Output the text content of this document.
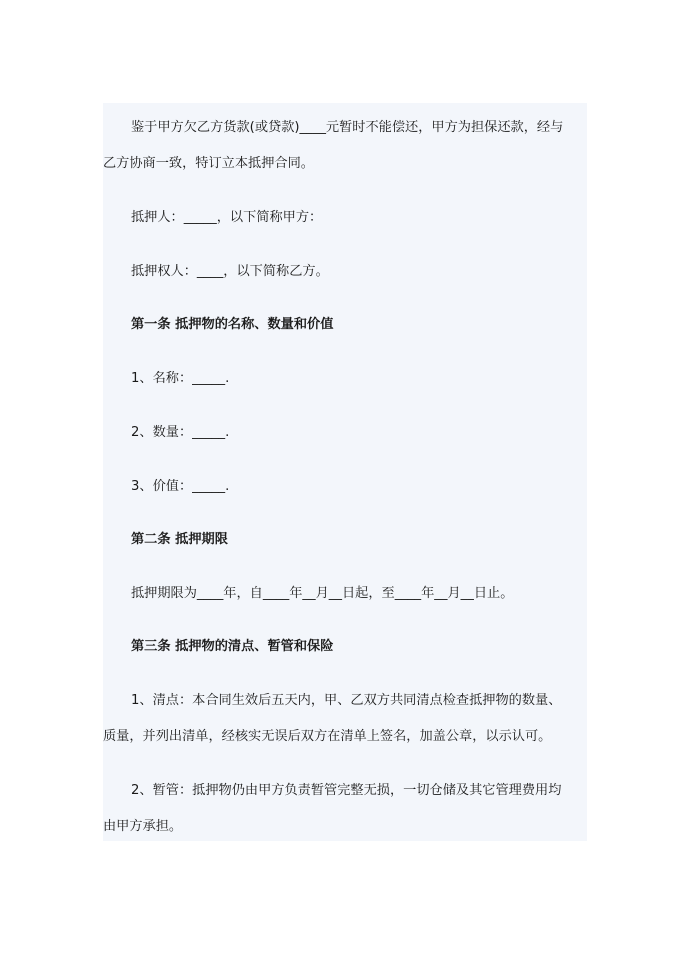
鉴于甲方欠乙方货款(或贷款)____元暂时不能偿还，甲方为担保还款，经与
乙方协商一致，特订立本抵押合同。
抵押人：_____，以下简称甲方：
抵押权人：____，以下简称乙方。
第一条 抵押物的名称、数量和价值
1、名称：_____.
2、数量：_____.
3、价值：_____.
第二条 抵押期限
抵押期限为____年，自____年__月__日起，至____年__月__日止。
第三条 抵押物的清点、暂管和保险
1、清点：本合同生效后五天内，甲、乙双方共同清点检查抵押物的数量、
质量，并列出清单，经核实无误后双方在清单上签名，加盖公章，以示认可。
2、暂管：抵押物仍由甲方负责暂管完整无损，一切仓储及其它管理费用均
由甲方承担。
